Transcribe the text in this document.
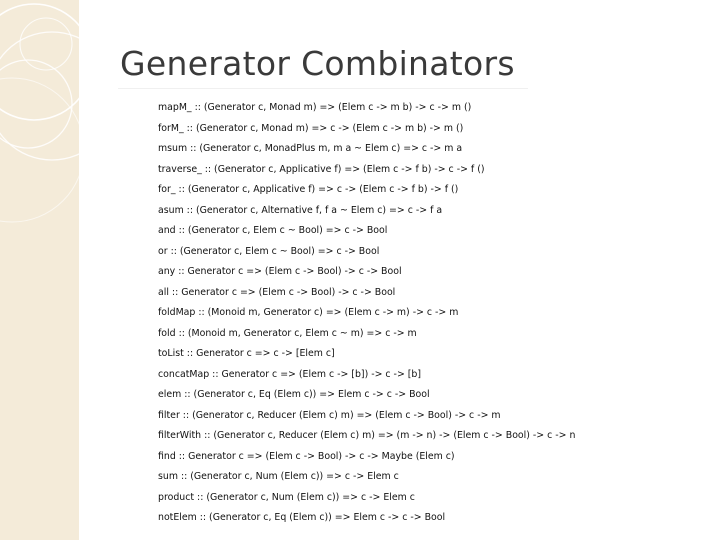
Generator Combinators
mapM_ :: (Generator c, Monad m) => (Elem c -> m b) -> c -> m ()
forM_ :: (Generator c, Monad m) => c -> (Elem c -> m b) -> m ()
msum :: (Generator c, MonadPlus m, m a ~ Elem c) => c -> m a
traverse_ :: (Generator c, Applicative f) => (Elem c -> f b) -> c -> f ()
for_ :: (Generator c, Applicative f) => c -> (Elem c -> f b) -> f ()
asum :: (Generator c, Alternative f, f a ~ Elem c) => c -> f a
and :: (Generator c, Elem c ~ Bool) => c -> Bool
or :: (Generator c, Elem c ~ Bool) => c -> Bool
any :: Generator c => (Elem c -> Bool) -> c -> Bool
all :: Generator c => (Elem c -> Bool) -> c -> Bool
foldMap :: (Monoid m, Generator c) => (Elem c -> m) -> c -> m
fold :: (Monoid m, Generator c, Elem c ~ m) => c -> m
toList :: Generator c => c -> [Elem c]
concatMap :: Generator c => (Elem c -> [b]) -> c -> [b]
elem :: (Generator c, Eq (Elem c)) => Elem c -> c -> Bool
filter :: (Generator c, Reducer (Elem c) m) => (Elem c -> Bool) -> c -> m
filterWith :: (Generator c, Reducer (Elem c) m) => (m -> n) -> (Elem c -> Bool) -> c -> n
find :: Generator c => (Elem c -> Bool) -> c -> Maybe (Elem c)
sum :: (Generator c, Num (Elem c)) => c -> Elem c
product :: (Generator c, Num (Elem c)) => c -> Elem c
notElem :: (Generator c, Eq (Elem c)) => Elem c -> c -> Bool
